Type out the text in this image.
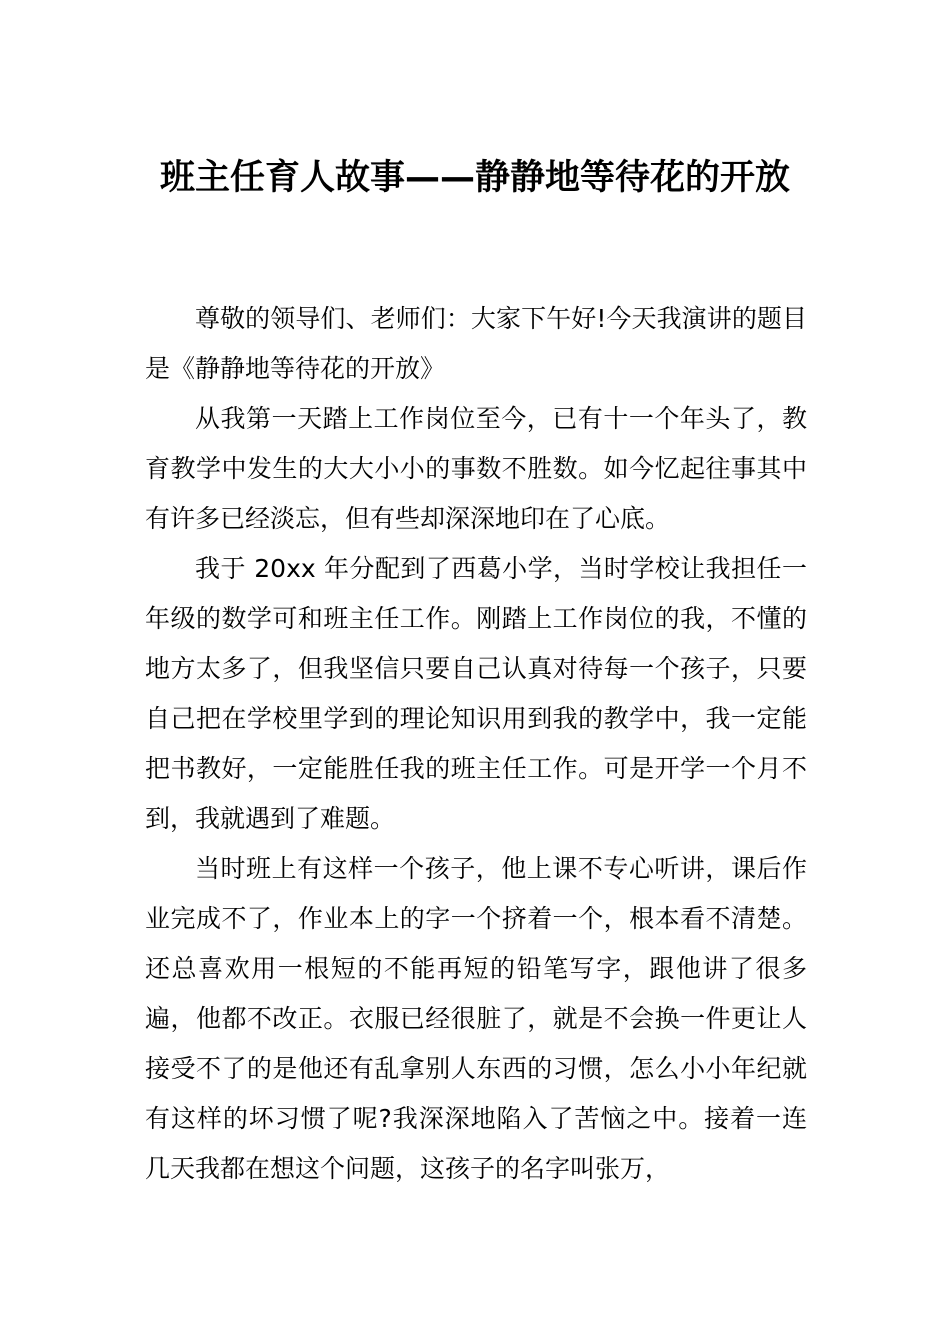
班主任育人故事——静静地等待花的开放

尊敬的领导们、老师们：大家下午好!今天我演讲的题目是《静静地等待花的开放》

从我第一天踏上工作岗位至今，已有十一个年头了，教育教学中发生的大大小小的事数不胜数。如今忆起往事其中有许多已经淡忘，但有些却深深地印在了心底。

我于 20xx 年分配到了西葛小学，当时学校让我担任一年级的数学可和班主任工作。刚踏上工作岗位的我，不懂的地方太多了，但我坚信只要自己认真对待每一个孩子，只要自己把在学校里学到的理论知识用到我的教学中，我一定能把书教好，一定能胜任我的班主任工作。可是开学一个月不到，我就遇到了难题。

当时班上有这样一个孩子，他上课不专心听讲，课后作业完成不了，作业本上的字一个挤着一个，根本看不清楚。还总喜欢用一根短的不能再短的铅笔写字，跟他讲了很多遍，他都不改正。衣服已经很脏了，就是不会换一件更让人接受不了的是他还有乱拿别人东西的习惯，怎么小小年纪就有这样的坏习惯了呢?我深深地陷入了苦恼之中。接着一连几天我都在想这个问题，这孩子的名字叫张万，
